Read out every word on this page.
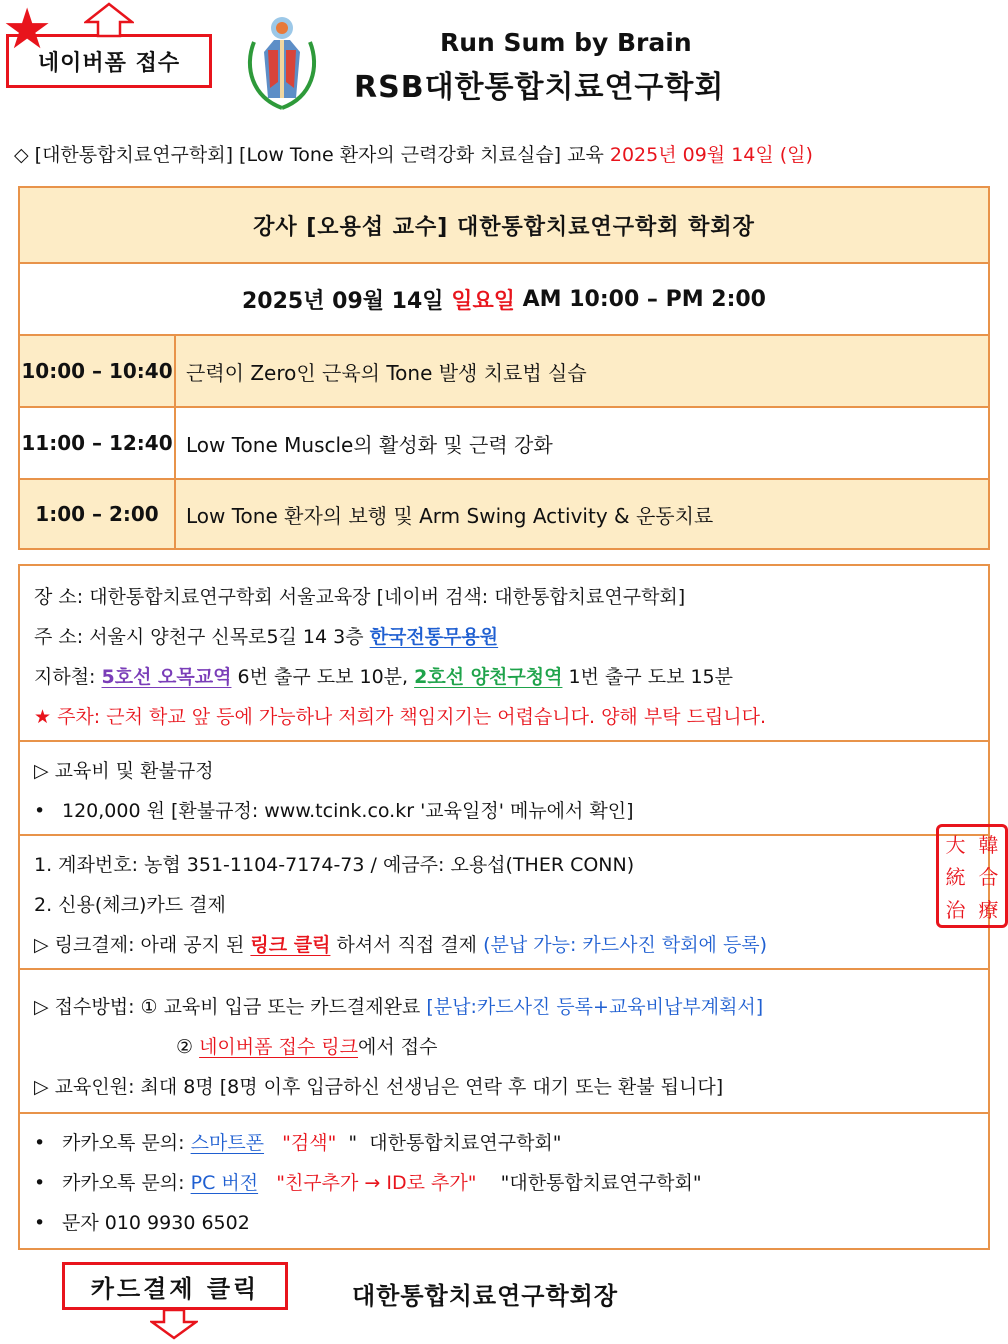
네이버폼 접수
★	Run Sum by Brain
RSB대한통합치료연구학회
◇ [대한통합치료연구학회] [Low Tone 환자의 근력강화 치료실습] 교육 2025년 09월 14일 (일)
강사 [오용섭 교수] 대한통합치료연구학회 학회장
2025년 09월 14일
일요일
AM 10:00 – PM 2:00
10:00 – 10:40 근력이 Zero인 근육의 Tone 발생 치료법 실습
11:00 – 12:40 Low Tone Muscle의 활성화 및 근력 강화
1:00 – 2:00	Low Tone 환자의 보행 및 Arm Swing Activity & 운동치료
장 소: 대한통합치료연구학회 서울교육장 [네이버 검색: 대한통합치료연구학회]
주 소: 서울시 양천구 신목로5길 14 3층 한국전통무용원
지하철: 5호선 오목교역 6번 출구 도보 10분, 2호선 양천구청역 1번 출구 도보 15분
★ 주차: 근처 학교 앞 등에 가능하나 저희가 책임지기는 어렵습니다. 양해 부탁 드립니다.
▷ 교육비 및 환불규정
• 120,000 원 [환불규정: www.tcink.co.kr '교육일정' 메뉴에서 확인]
1. 계좌번호: 농협 351-1104-7174-73 / 예금주: 오용섭(THER CONN)
2. 신용(체크)카드 결제
▷ 링크결제: 아래 공지 된 링크 클릭 하셔서 직접 결제 (분납 가능: 카드사진 학회에 등록)
▷ 접수방법: ① 교육비 입금 또는 카드결제완료 [분납:카드사진 등록+교육비납부계획서]
② 네이버폼 접수 링크에서 접수
▷ 교육인원: 최대 8명 [8명 이후 입금하신 선생님은 연락 후 대기 또는 환불 됩니다]
• 카카오톡 문의: 스마트폰   "검색"  "  대한통합치료연구학회"
• 카카오톡 문의: PC 버전   "친구추가 → ID로 추가"    "대한통합치료연구학회"
• 문자 010 9930 6502
大 韓
統 合
治 療
카드결제 클릭	대한통합치료연구학회장
